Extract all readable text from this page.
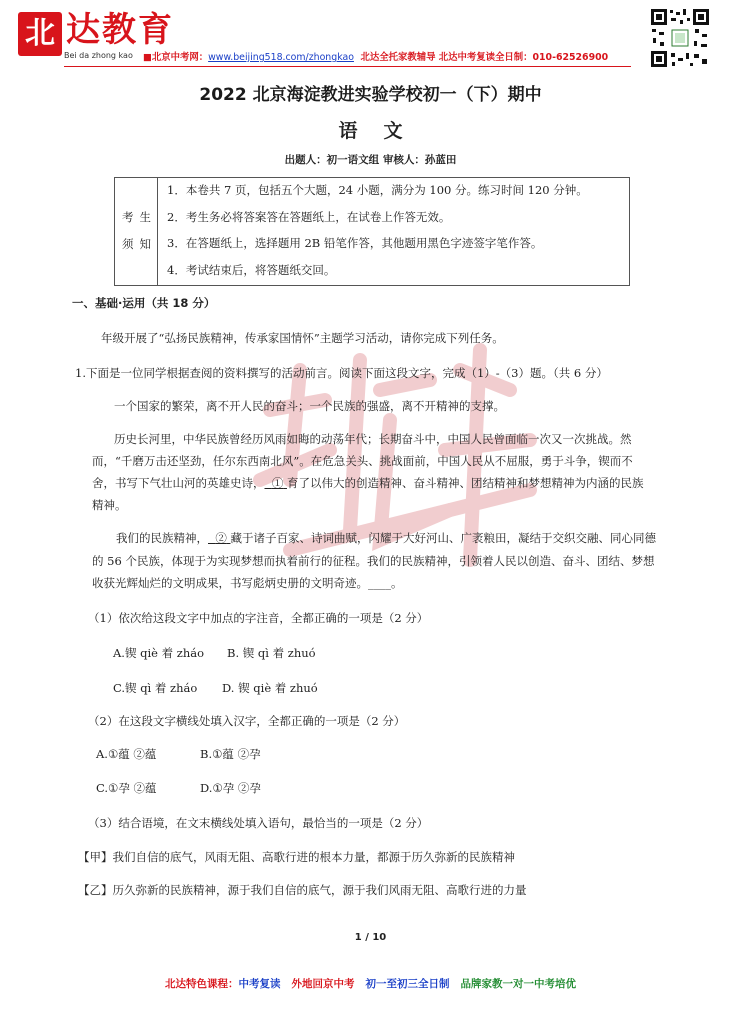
北 达教育
Bei da zhong kao ■北京中考网：www.beijing518.com/zhongkao 北达全托家教辅导 北达中考复读全日制：010-62526900
2022 北京海淀教进实验学校初一（下）期中
语文
出题人：初一语文组 审核人：孙蓝田
考生
须知
1．本卷共 7 页，包括五个大题，24 小题，满分为 100 分。练习时间 120 分钟。
2．考生务必将答案答在答题纸上，在试卷上作答无效。
3．在答题纸上，选择题用 2B 铅笔作答，其他题用黑色字迹签字笔作答。
4．考试结束后，将答题纸交回。
一、基础·运用（共 18 分）
年级开展了“弘扬民族精神，传承家国情怀”主题学习活动，请你完成下列任务。
1.下面是一位同学根据查阅的资料撰写的活动前言。阅读下面这段文字，完成（1）-（3）题。（共 6 分）
一个国家的繁荣，离不开人民的奋斗；一个民族的强盛，离不开精神的支撑。
历史长河里，中华民族曾经历风雨如晦的动荡年代；长期奋斗中，中国人民曾面临一次又一次挑战。然
而，“千磨万击还坚劲，任尔东西南北风”。在危急关头、挑战面前，中国人民从不屈服，勇于斗争，锲而不
舍，书写下气壮山河的英雄史诗， ① 育了以伟大的创造精神、奋斗精神、团结精神和梦想精神为内涵的民族
精神。
我们的民族精神， ② 藏于诸子百家、诗词曲赋，闪耀于大好河山、广袤粮田，凝结于交织交融、同心同德
的 56 个民族，体现于为实现梦想而执着前行的征程。我们的民族精神，引领着人民以创造、奋斗、团结、梦想
收获光辉灿烂的文明成果，书写彪炳史册的文明奇迹。____。
（1）依次给这段文字中加点的字注音，全都正确的一项是（2 分）
A.锲 qiè 着 zháo B. 锲 qì 着 zhuó
C.锲 qì 着 zháo D. 锲 qiè 着 zhuó
（2）在这段文字横线处填入汉字，全都正确的一项是（2 分）
A.①蕴 ②蕴	B.①蕴 ②孕
C.①孕 ②蕴	D.①孕 ②孕
（3）结合语境，在文末横线处填入语句，最恰当的一项是（2 分）
【甲】我们自信的底气，风雨无阻、高歌行进的根本力量，都源于历久弥新的民族精神
【乙】历久弥新的民族精神，源于我们自信的底气，源于我们风雨无阻、高歌行进的力量
1 / 10
北达特色课程：中考复读 外地回京中考 初一至初三全日制 品牌家教一对一中考培优
